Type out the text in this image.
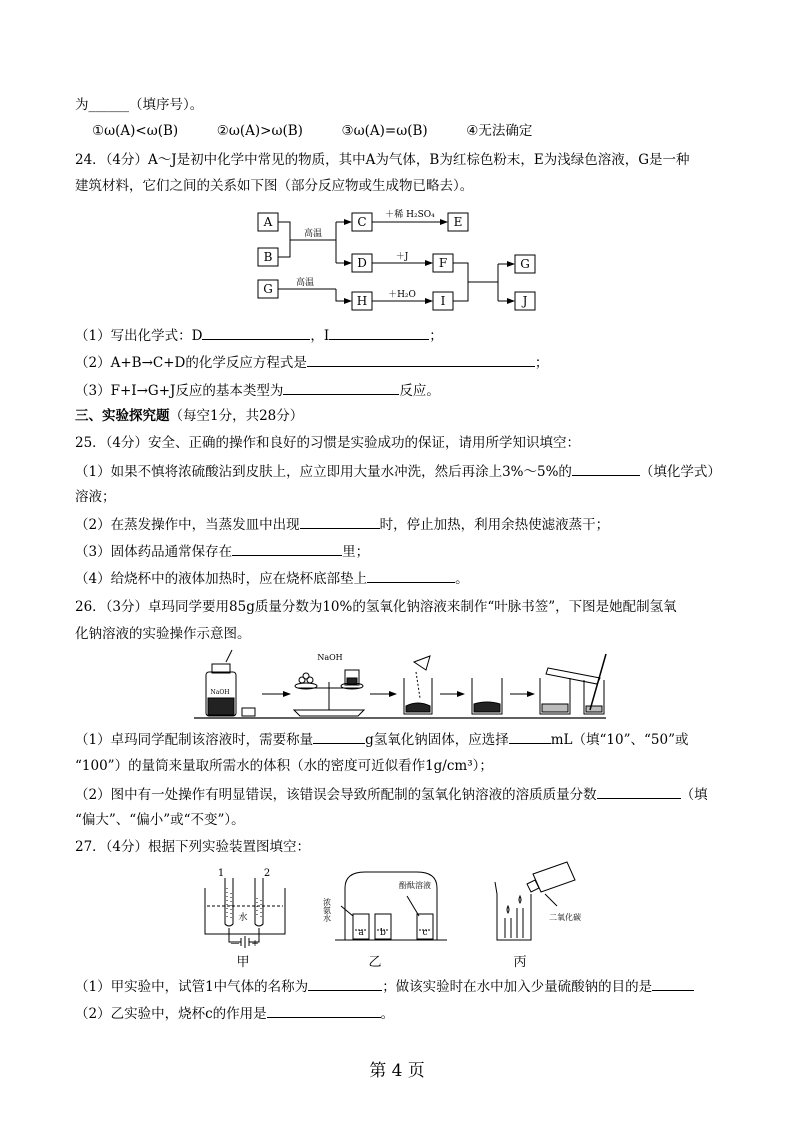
为______（填序号）。
①ω(A)<ω(B)	②ω(A)>ω(B)	③ω(A)=ω(B)	④无法确定
24．（4分）A～J是初中化学中常见的物质，其中A为气体，B为红棕色粉末，E为浅绿色溶液，G是一种
建筑材料，它们之间的关系如下图（部分反应物或生成物已略去）。
A
B
G
C	E
D	F
H	I
G
J
高温
高温
＋稀 H₂SO₄
＋J
＋H₂O
（1）写出化学式：D	，I	；
（2）A+B→C+D的化学反应方程式是	；
（3）F+I→G+J反应的基本类型为	反应。
三、实验探究题（每空1分，共28分）
25．（4分）安全、正确的操作和良好的习惯是实验成功的保证，请用所学知识填空：
（1）如果不慎将浓硫酸沾到皮肤上，应立即用大量水冲洗，然后再涂上3%～5%的	（填化学式）
溶液；
（2）在蒸发操作中，当蒸发皿中出现	时，停止加热，利用余热使滤液蒸干；
（3）固体药品通常保存在	里；
（4）给烧杯中的液体加热时，应在烧杯底部垫上	。
26．（3分）卓玛同学要用85g质量分数为10%的氢氧化钠溶液来制作“叶脉书签”，下图是她配制氢氧
化钠溶液的实验操作示意图。
NaOH
NaOH
（1）卓玛同学配制该溶液时，需要称量	g氢氧化钠固体，应选择	mL（填“10”、“50”或
“100”）的量筒来量取所需水的体积（水的密度可近似看作1g/cm³）；
（2）图中有一处操作有明显错误，该错误会导致所配制的氢氧化钠溶液的溶质质量分数	（填
“偏大”、“偏小”或“不变”）。
27．（4分）根据下列实验装置图填空：
1	2
水
— +
a b	c
浓氨水
酚酞溶液
二氧化碳
甲	乙	丙
（1）甲实验中，试管1中气体的名称为	；做该实验时在水中加入少量硫酸钠的目的是
（2）乙实验中，烧杯c的作用是	。
第 4 页
